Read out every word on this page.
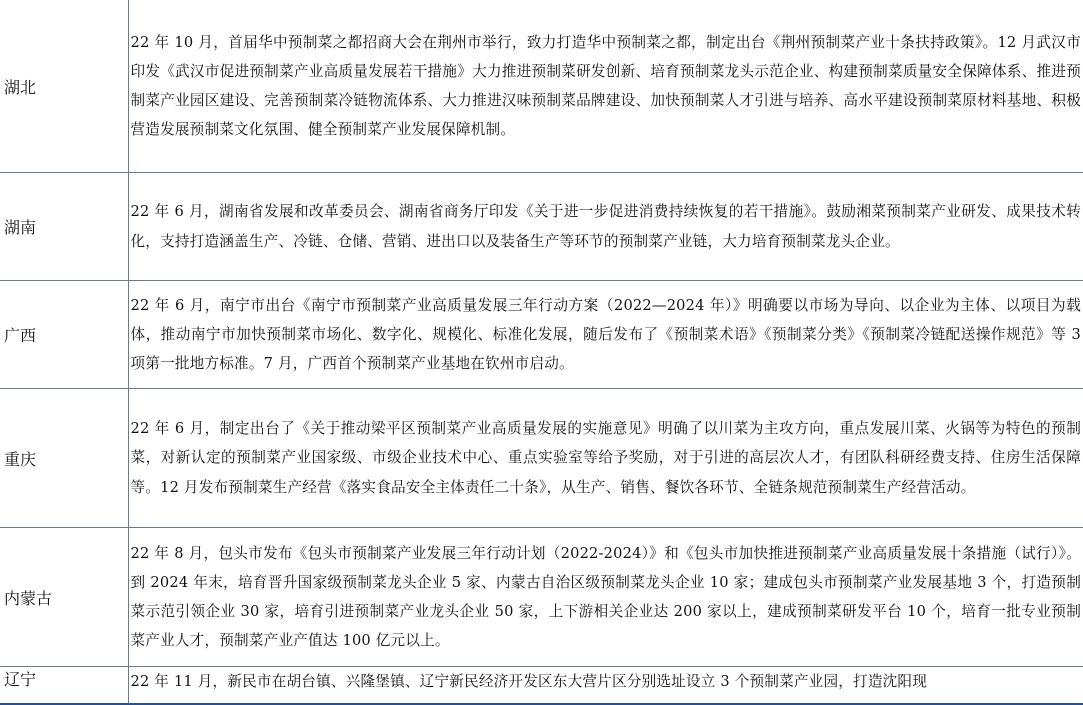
湖北	22 年 10 月，首届华中预制菜之都招商大会在荆州市举行，致力打造华中预制菜之都，制定出台《荆州预制菜产业十条扶持政策》。12 月武汉市印发《武汉市促进预制菜产业高质量发展若干措施》大力推进预制菜研发创新、培育预制菜龙头示范企业、构建预制菜质量安全保障体系、推进预制菜产业园区建设、完善预制菜冷链物流体系、大力推进汉味预制菜品牌建设、加快预制菜人才引进与培养、高水平建设预制菜原材料基地、积极营造发展预制菜文化氛围、健全预制菜产业发展保障机制。
湖南	22 年 6 月，湖南省发展和改革委员会、湖南省商务厅印发《关于进一步促进消费持续恢复的若干措施》。鼓励湘菜预制菜产业研发、成果技术转化，支持打造涵盖生产、冷链、仓储、营销、进出口以及装备生产等环节的预制菜产业链，大力培育预制菜龙头企业。
广西	22 年 6 月，南宁市出台《南宁市预制菜产业高质量发展三年行动方案（2022—2024 年）》明确要以市场为导向、以企业为主体、以项目为载体，推动南宁市加快预制菜市场化、数字化、规模化、标准化发展，随后发布了《预制菜术语》《预制菜分类》《预制菜冷链配送操作规范》等 3 项第一批地方标准。7 月，广西首个预制菜产业基地在钦州市启动。
重庆	22 年 6 月，制定出台了《关于推动梁平区预制菜产业高质量发展的实施意见》明确了以川菜为主攻方向，重点发展川菜、火锅等为特色的预制菜，对新认定的预制菜产业国家级、市级企业技术中心、重点实验室等给予奖励，对于引进的高层次人才，有团队科研经费支持、住房生活保障等。12 月发布预制菜生产经营《落实食品安全主体责任二十条》，从生产、销售、餐饮各环节、全链条规范预制菜生产经营活动。
内蒙古	22 年 8 月，包头市发布《包头市预制菜产业发展三年行动计划（2022-2024）》和《包头市加快推进预制菜产业高质量发展十条措施（试行）》。到 2024 年末，培育晋升国家级预制菜龙头企业 5 家、内蒙古自治区级预制菜龙头企业 10 家；建成包头市预制菜产业发展基地 3 个，打造预制菜示范引领企业 30 家，培育引进预制菜产业龙头企业 50 家，上下游相关企业达 200 家以上，建成预制菜研发平台 10 个，培育一批专业预制菜产业人才，预制菜产业产值达 100 亿元以上。
辽宁	22 年 11 月，新民市在胡台镇、兴隆堡镇、辽宁新民经济开发区东大营片区分别选址设立 3 个预制菜产业园，打造沈阳现
